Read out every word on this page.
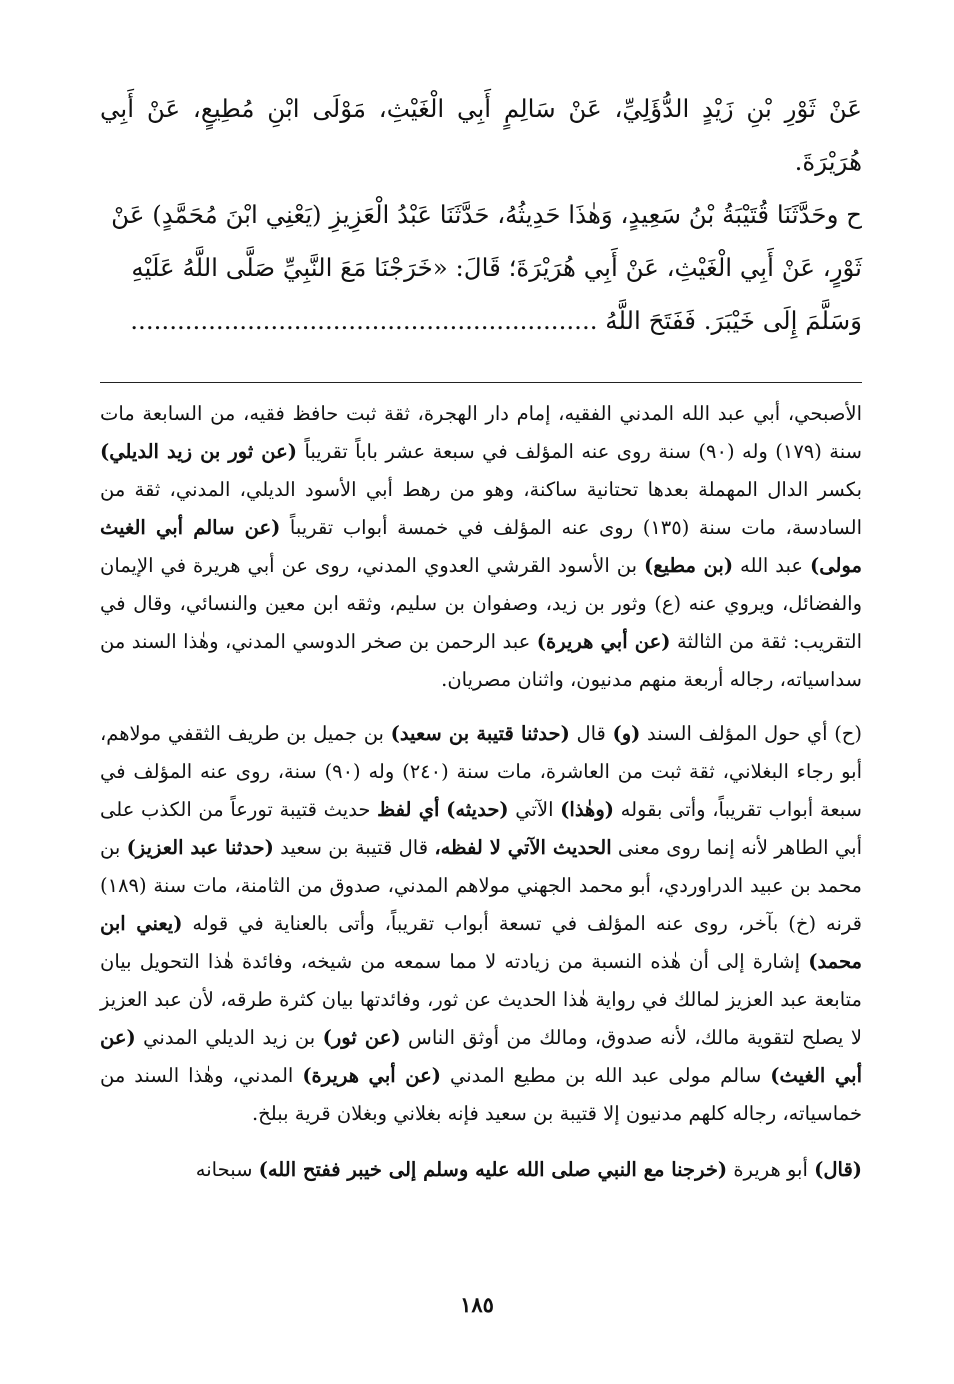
عَنْ ثَوْرِ بْنِ زَيْدٍ الدُّؤَلِيِّ، عَنْ سَالِمٍ أَبِي الْغَيْثِ، مَوْلَى ابْنِ مُطِيعٍ، عَنْ أَبِي هُرَيْرَةَ.

ح وحَدَّثَنَا قُتَيْبَةُ بْنُ سَعِيدٍ، وَهٰذَا حَدِيثُهُ، حَدَّثَنَا عَبْدُ الْعَزِيزِ (يَعْنِي ابْنَ مُحَمَّدٍ) عَنْ

ثَوْرٍ، عَنْ أَبِي الْغَيْثِ، عَنْ أَبِي هُرَيْرَةَ؛ قَالَ: «خَرَجْنَا مَعَ النَّبِيِّ صَلَّى اللَّهُ عَلَيْهِ

وَسَلَّمَ إِلَى خَيْبَرَ. فَفَتَحَ اللَّهُ ............................................................

الأصبحي، أبي عبد الله المدني الفقيه، إمام دار الهجرة، ثقة ثبت حافظ فقيه، من السابعة مات سنة (١٧٩) وله (٩٠) سنة روى عنه المؤلف في سبعة عشر باباً تقريباً (عن ثور بن زيد الديلي) بكسر الدال المهملة بعدها تحتانية ساكنة، وهو من رهط أبي الأسود الديلي، المدني، ثقة من السادسة، مات سنة (١٣٥) روى عنه المؤلف في خمسة أبواب تقريباً (عن سالم أبي الغيث مولى) عبد الله (بن مطيع) بن الأسود القرشي العدوي المدني، روى عن أبي هريرة في الإيمان والفضائل، ويروي عنه (ع) وثور بن زيد، وصفوان بن سليم، وثقه ابن معين والنسائي، وقال في التقريب: ثقة من الثالثة (عن أبي هريرة) عبد الرحمن بن صخر الدوسي المدني، وهٰذا السند من سداسياته، رجاله أربعة منهم مدنيون، واثنان مصريان.

(ح) أي حول المؤلف السند (و) قال (حدثنا قتيبة بن سعيد) بن جميل بن طريف الثقفي مولاهم، أبو رجاء البغلاني، ثقة ثبت من العاشرة، مات سنة (٢٤٠) وله (٩٠) سنة، روى عنه المؤلف في سبعة أبواب تقريباً، وأتى بقوله (وهٰذا) الآتي (حديثه) أي لفظ حديث قتيبة تورعاً من الكذب على أبي الطاهر لأنه إنما روى معنى الحديث الآتي لا لفظه، قال قتيبة بن سعيد (حدثنا عبد العزيز) بن محمد بن عبيد الدراوردي، أبو محمد الجهني مولاهم المدني، صدوق من الثامنة، مات سنة (١٨٩) قرنه (خ) بآخر، روى عنه المؤلف في تسعة أبواب تقريباً، وأتى بالعناية في قوله (يعني ابن محمد) إشارة إلى أن هٰذه النسبة من زيادته لا مما سمعه من شيخه، وفائدة هٰذا التحويل بيان متابعة عبد العزيز لمالك في رواية هٰذا الحديث عن ثور، وفائدتها بيان كثرة طرقه، لأن عبد العزيز لا يصلح لتقوية مالك، لأنه صدوق، ومالك من أوثق الناس (عن ثور) بن زيد الديلي المدني (عن أبي الغيث) سالم مولى عبد الله بن مطيع المدني (عن أبي هريرة) المدني، وهٰذا السند من خماسياته، رجاله كلهم مدنيون إلا قتيبة بن سعيد فإنه بغلاني وبغلان قرية ببلخ.

(قال) أبو هريرة (خرجنا مع النبي صلى الله عليه وسلم إلى خيبر ففتح الله) سبحانه

١٨٥
